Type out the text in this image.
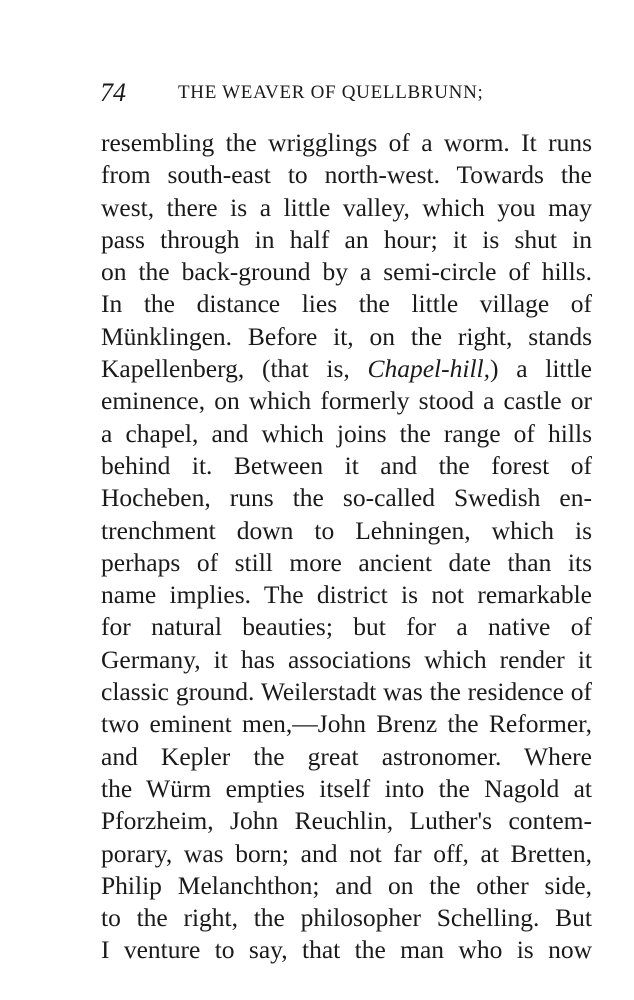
74	THE WEAVER OF QUELLBRUNN;
resembling the wrigglings of a worm. It runs
from south-east to north-west. Towards the
west, there is a little valley, which you may
pass through in half an hour; it is shut in
on the back-ground by a semi-circle of hills.
In the distance lies the little village of
Münklingen. Before it, on the right, stands
Kapellenberg, (that is, Chapel-hill,) a little
eminence, on which formerly stood a castle or
a chapel, and which joins the range of hills
behind it. Between it and the forest of
Hocheben, runs the so-called Swedish en-
trenchment down to Lehningen, which is
perhaps of still more ancient date than its
name implies. The district is not remarkable
for natural beauties; but for a native of
Germany, it has associations which render it
classic ground. Weilerstadt was the residence of
two eminent men,—John Brenz the Reformer,
and Kepler the great astronomer. Where
the Würm empties itself into the Nagold at
Pforzheim, John Reuchlin, Luther's contem-
porary, was born; and not far off, at Bretten,
Philip Melanchthon; and on the other side,
to the right, the philosopher Schelling. But
I venture to say, that the man who is now
